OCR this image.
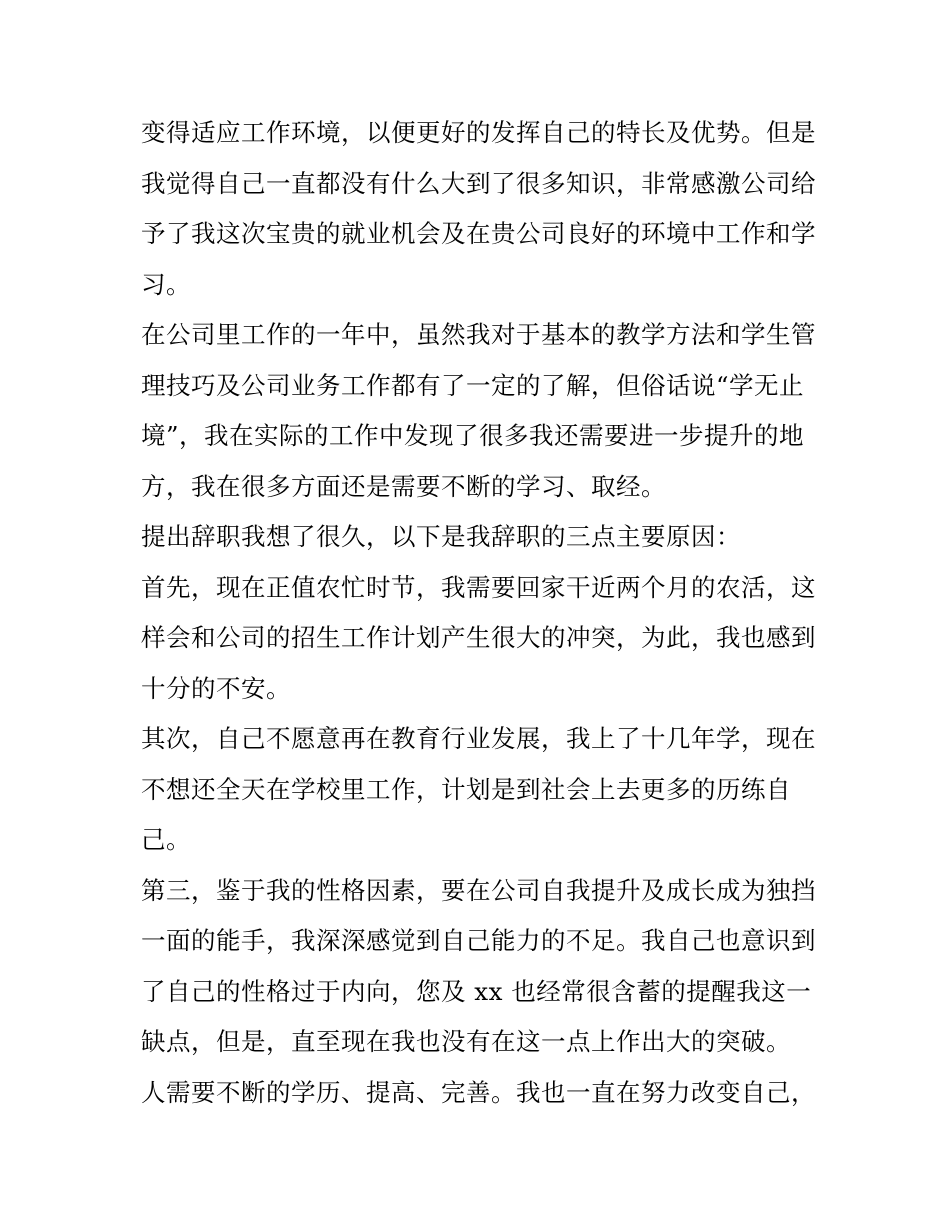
变得适应工作环境，以便更好的发挥自己的特长及优势。但是
我觉得自己一直都没有什么大到了很多知识，非常感激公司给
予了我这次宝贵的就业机会及在贵公司良好的环境中工作和学
习。
在公司里工作的一年中，虽然我对于基本的教学方法和学生管
理技巧及公司业务工作都有了一定的了解，但俗话说“学无止
境”，我在实际的工作中发现了很多我还需要进一步提升的地
方，我在很多方面还是需要不断的学习、取经。
提出辞职我想了很久，以下是我辞职的三点主要原因：
首先，现在正值农忙时节，我需要回家干近两个月的农活，这
样会和公司的招生工作计划产生很大的冲突，为此，我也感到
十分的不安。
其次，自己不愿意再在教育行业发展，我上了十几年学，现在
不想还全天在学校里工作，计划是到社会上去更多的历练自
己。
第三，鉴于我的性格因素，要在公司自我提升及成长成为独挡
一面的能手，我深深感觉到自己能力的不足。我自己也意识到
了自己的性格过于内向，您及 xx 也经常很含蓄的提醒我这一
缺点，但是，直至现在我也没有在这一点上作出大的突破。
人需要不断的学历、提高、完善。我也一直在努力改变自己，
